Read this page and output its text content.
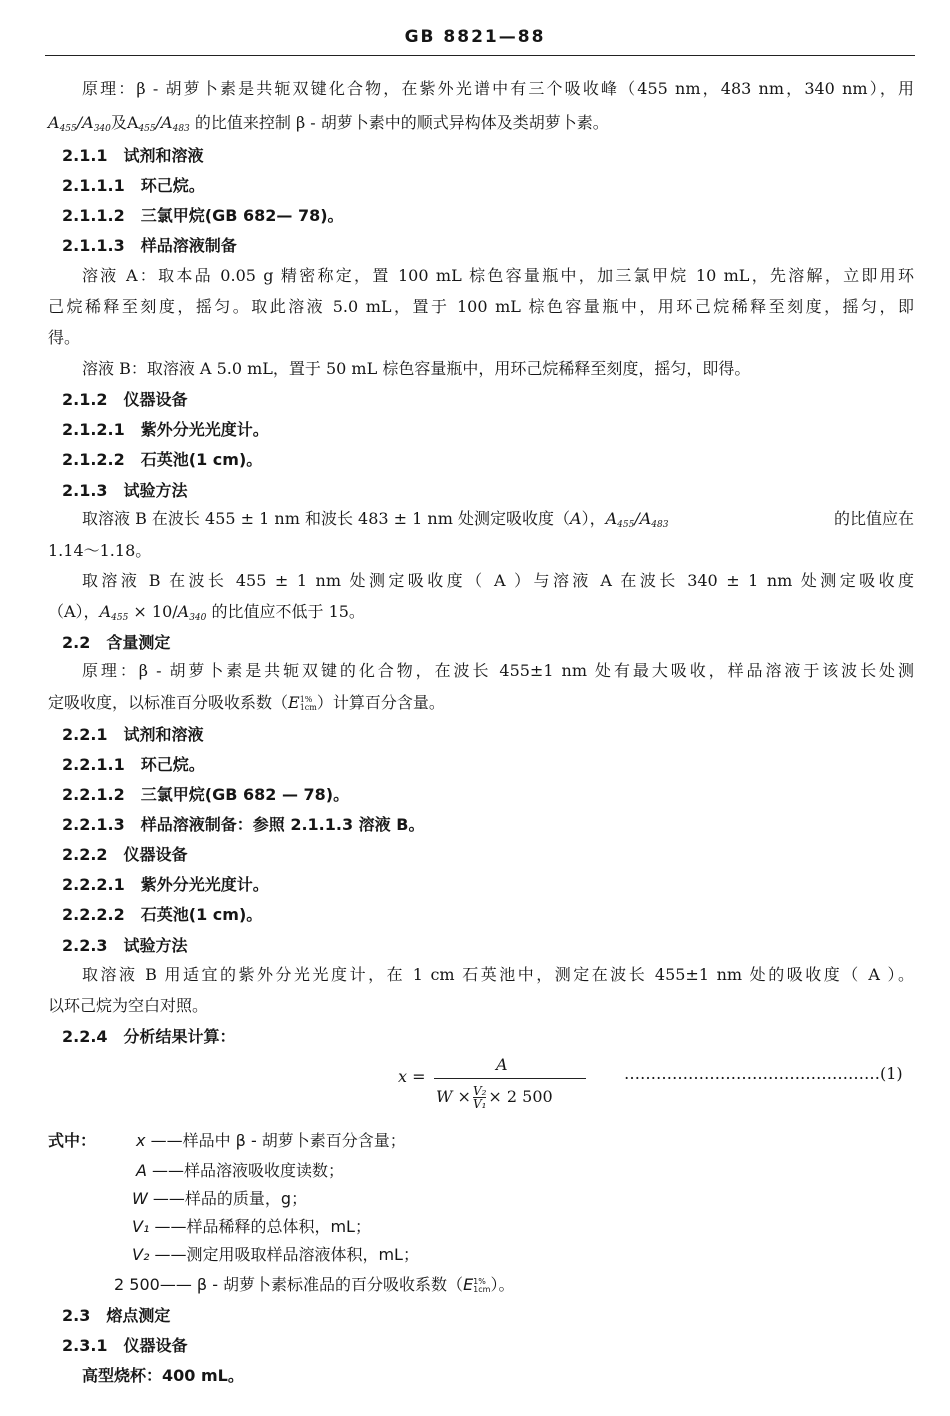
GB 8821—88
原理：β - 胡萝卜素是共轭双键化合物，在紫外光谱中有三个吸收峰（455 nm，483 nm，340 nm），用
$A_{455}/A_{340}$及$A_{455}/A_{483}$ 的比值来控制 β - 胡萝卜素中的顺式异构体及类胡萝卜素。
2.1.1　试剂和溶液
2.1.1.1　环己烷。
2.1.1.2　三氯甲烷(GB 682— 78)。
2.1.1.3　样品溶液制备
溶液 A：取本品 0.05 g 精密称定，置 100 mL 棕色容量瓶中，加三氯甲烷 10 mL，先溶解，立即用环
己烷稀释至刻度，摇匀。取此溶液 5.0 mL，置于 100 mL 棕色容量瓶中，用环己烷稀释至刻度，摇匀，即
得。
溶液 B：取溶液 A 5.0 mL，置于 50 mL 棕色容量瓶中，用环己烷稀释至刻度，摇匀，即得。
2.1.2　仪器设备
2.1.2.1　紫外分光光度计。
2.1.2.2　石英池(1 cm)。
2.1.3　试验方法
取溶液 B 在波长 455 ± 1 nm 和波长 483 ± 1 nm 处测定吸收度（A），$A_{455}/A_{483}$	的比值应在
1.14～1.18。
取溶液 B 在波长 455 ± 1 nm 处测定吸收度（ A ）与溶液 A 在波长 340 ± 1 nm 处测定吸收度
（A），$A_{455} \times 10/A_{340}$ 的比值应不低于 15。
2.2　含量测定
原理：β - 胡萝卜素是共轭双键的化合物，在波长 455±1 nm 处有最大吸收，样品溶液于该波长处测
定吸收度，以标准百分吸收系数（E 1%
1cm ）计算百分含量。
2.2.1　试剂和溶液
2.2.1.1　环己烷。
2.2.1.2　三氯甲烷(GB 682 — 78)。
2.2.1.3　样品溶液制备：参照 2.1.1.3 溶液 B。
2.2.2　仪器设备
2.2.2.1　紫外分光光度计。
2.2.2.2　石英池(1 cm)。
2.2.3　试验方法
取溶液 B 用适宜的紫外分光光度计，在 1 cm 石英池中，测定在波长 455±1 nm 处的吸收度（ A ）。
以环己烷为空白对照。
2.2.4　分析结果计算：
x =
A
$W \times \frac{\text{V₂}}{\text{V₁}} \times 2$ 500
…………………………………………(1)
式中： x ——样品中 β - 胡萝卜素百分含量；
A ——样品溶液吸收度读数；
W ——样品的质量，g；
V₁ ——样品稀释的总体积，mL；
V₂ ——测定用吸取样品溶液体积，mL；
2 500—— β - 胡萝卜素标准品的百分吸收系数（E 1%
1cm ）。
2.3　熔点测定
2.3.1　仪器设备
高型烧杯：400 mL。
